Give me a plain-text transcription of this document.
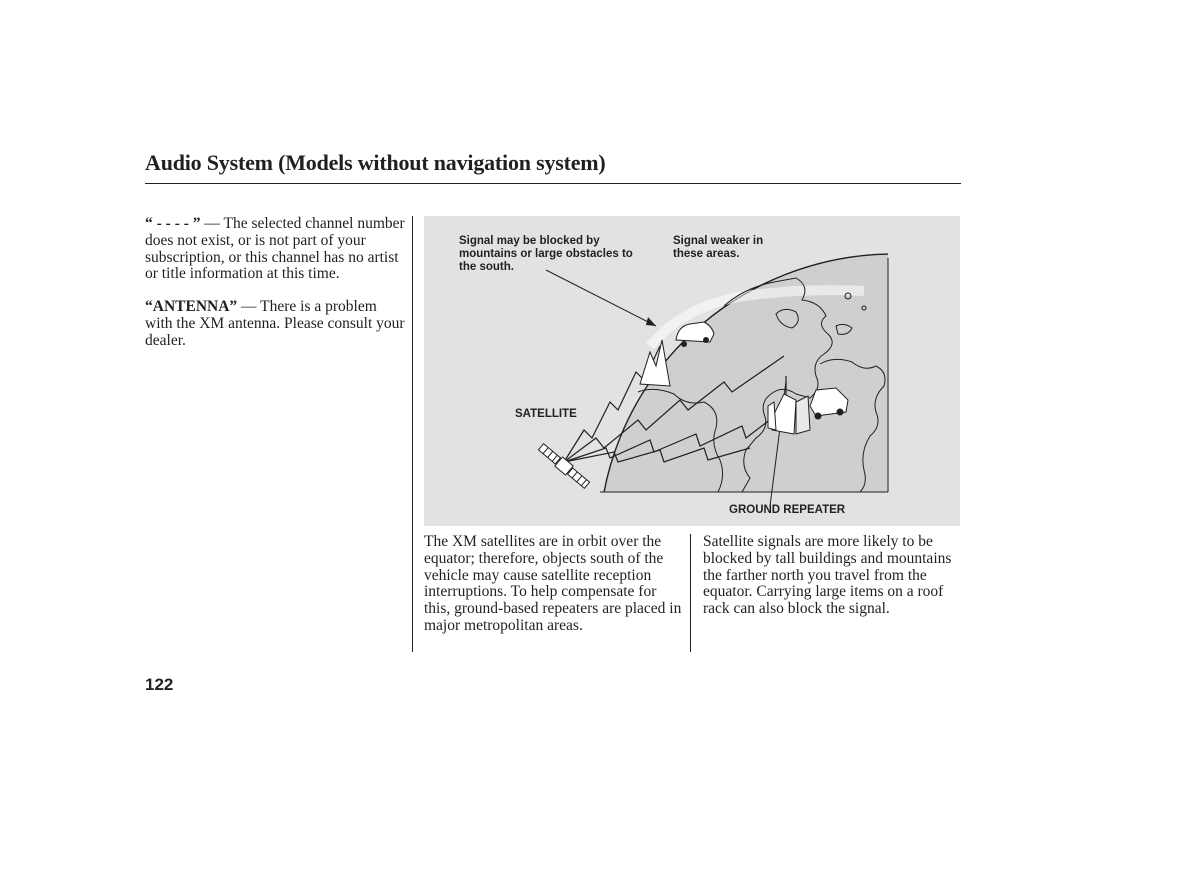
Audio System (Models without navigation system)

“ - - - - ” — The selected channel number does not exist, or is not part of your subscription, or this channel has no artist or title information at this time.

“ANTENNA” — There is a problem with the XM antenna. Please consult your dealer.

Signal may be blocked by
mountains or large obstacles to
the south.
Signal weaker in
these areas.
SATELLITE
GROUND REPEATER
The XM satellites are in orbit over the equator; therefore, objects south of the vehicle may cause satellite reception interruptions. To help compensate for this, ground-based repeaters are placed in major metropolitan areas.
Satellite signals are more likely to be blocked by tall buildings and mountains the farther north you travel from the equator. Carrying large items on a roof rack can also block the signal.
122
